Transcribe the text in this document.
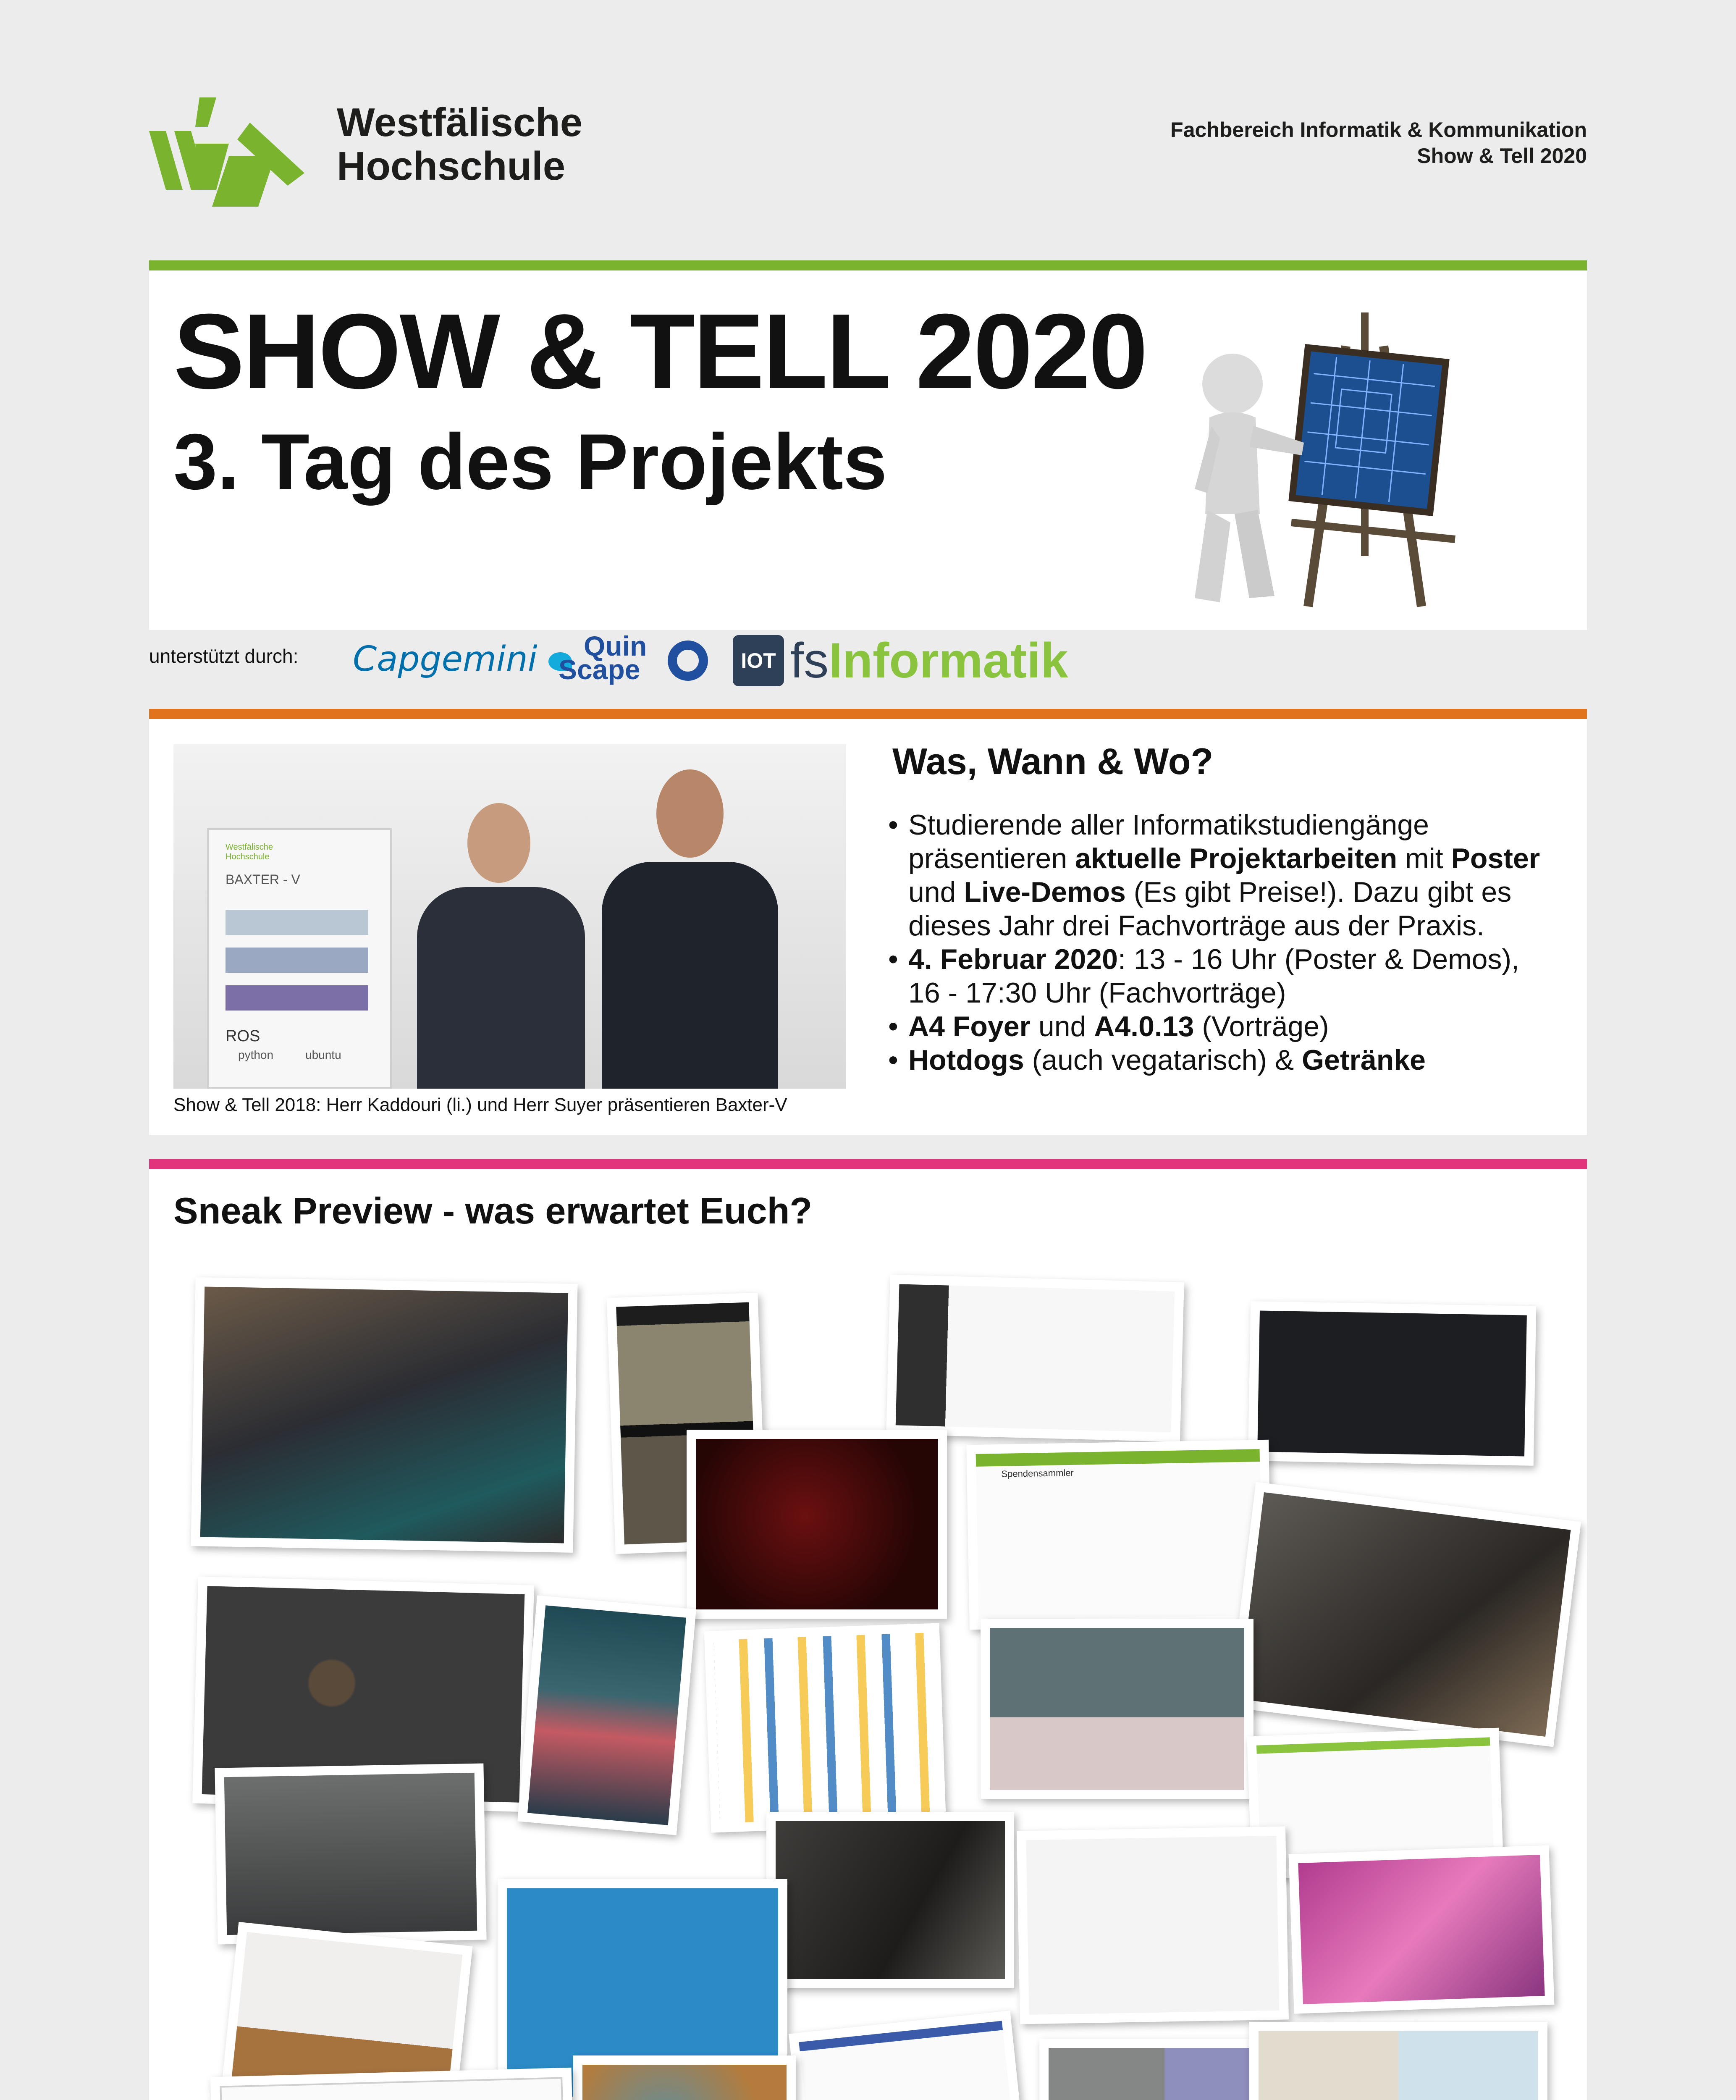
Westfälische
Hochschule
Fachbereich Informatik & Kommunikation
Show & Tell 2020
SHOW & TELL 2020
3. Tag des Projekts
unterstützt durch: Capgemini	Quin
Scape	IOT fsInformatik
Westfälische Hochschule
BAXTER - V
ROS
python	ubuntu
Show & Tell 2018: Herr Kaddouri (li.) und Herr Suyer präsentieren Baxter-V
Was, Wann & Wo?
• Studierende aller Informatikstudiengänge präsentieren aktuelle Projektarbeiten mit Poster und Live-Demos (Es gibt Preise!). Dazu gibt es dieses Jahr drei Fachvorträge aus der Praxis.
• 4. Februar 2020: 13 - 16 Uhr (Poster & Demos), 16 - 17:30 Uhr (Fachvorträge)
• A4 Foyer und A4.0.13 (Vorträge)
• Hotdogs (auch vegatarisch) & Getränke
Sneak Preview - was erwartet Euch?
Spendensammler
